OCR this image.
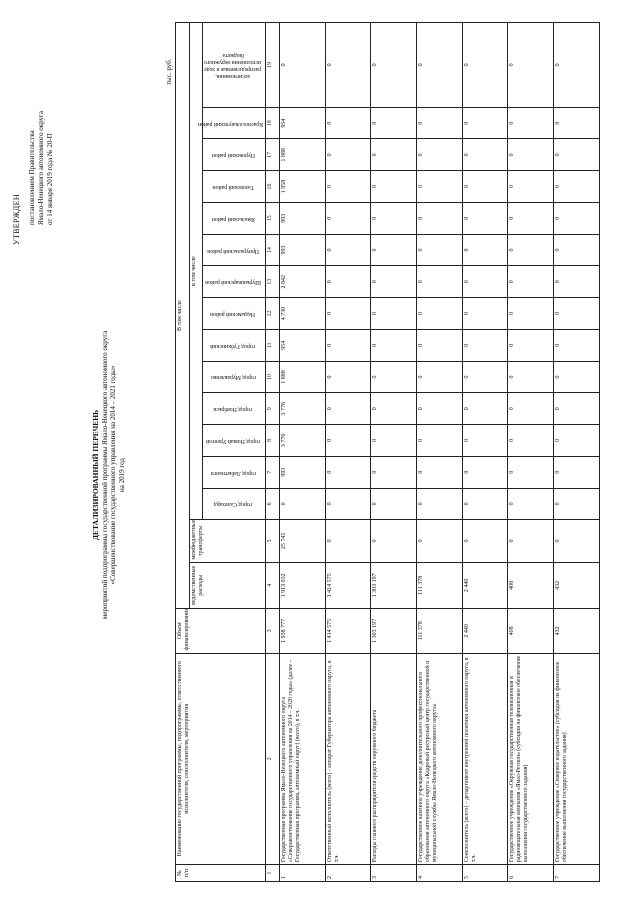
УТВЕРЖДЕН постановлением Правительства Ямало-Ненецкого автономного округа от 14 января 2019 года № 20-П
ДЕТАЛИЗИРОВАННЫЙ ПЕРЕЧЕНЬ мероприятий подпрограммы государственной программы Ямало-Ненецкого автономного округа «Совершенствование государственного управления на 2014 – 2021 годы» на 2019 год
тыс. руб.
№ п/п	Наименование государственной программы, подпрограммы, ответственного исполнителя, соисполнителя, мероприятия	Объем финансирования	В том числе															
			ведомственные расходы	межбюджетные трансферты	в том числе													

					город Салехард	город Лабытнанги	город Новый Уренгой	город Ноябрьск	город Муравленко	город Губкинский	Надымский район	Шурышкарский район	Приуральский район	Ямальский район	Тазовский район	Пуровский район	Красноселькупский район	ассигнования, распределяемые в ходе исполнения окружного бюджета

1	2	3	4	5	6	7	8	9	10	11	12	13	14	15	16	17	18	19
1	Государственная программа Ямало-Ненецкого автономного округа «Совершенствование государственного управления на 2014 – 2020 годы» (далее – Государственная программа, автономный округ) (всего), в т.ч.	1 938 777	1 913 032	25 745	0	993	3 776	3 776	1 888	954	4 730	2 842	993	993	1 958	1 888	954	0
2	Ответственный исполнитель (всего) - аппарат Губернатора автономного округа, в т.ч.	1 414 575	1 414 575	0	0	0	0	0	0	0	0	0	0	0	0	0	0	0
3	Расходы главного распорядителя средств окружного бюджета	1 303 197	1 303 197	0	0	0	0	0	0	0	0	0	0	0	0	0	0	0
4	Государственное казенное учреждение дополнительного профессионального образования автономного округа «Кадровый ресурсный центр государственной и муниципальной службы Ямало-Ненецкого автономного округа»	111 378	111 378	0	0	0	0	0	0	0	0	0	0	0	0	0	0	0
5	Соисполнитель (всего) – департамент внутренней политики автономного округа, в т.ч.	2 440	2 440	0	0	0	0	0	0	0	0	0	0	0	0	0	0	0
6	Государственное учреждение «Окружная государственная телевизионная и радиовещательная компания «Ямал-Регион» (субсидия на финансовое обеспечение выполнения государственного задания)	408	408	0	0	0	0	0	0	0	0	0	0	0	0	0	0	0
7	Государственное учреждение «Северное издательство» (субсидия на финансовое обеспечение выполнения государственного задания)	432	432	0	0	0	0	0	0	0	0	0	0	0	0	0	0	0
